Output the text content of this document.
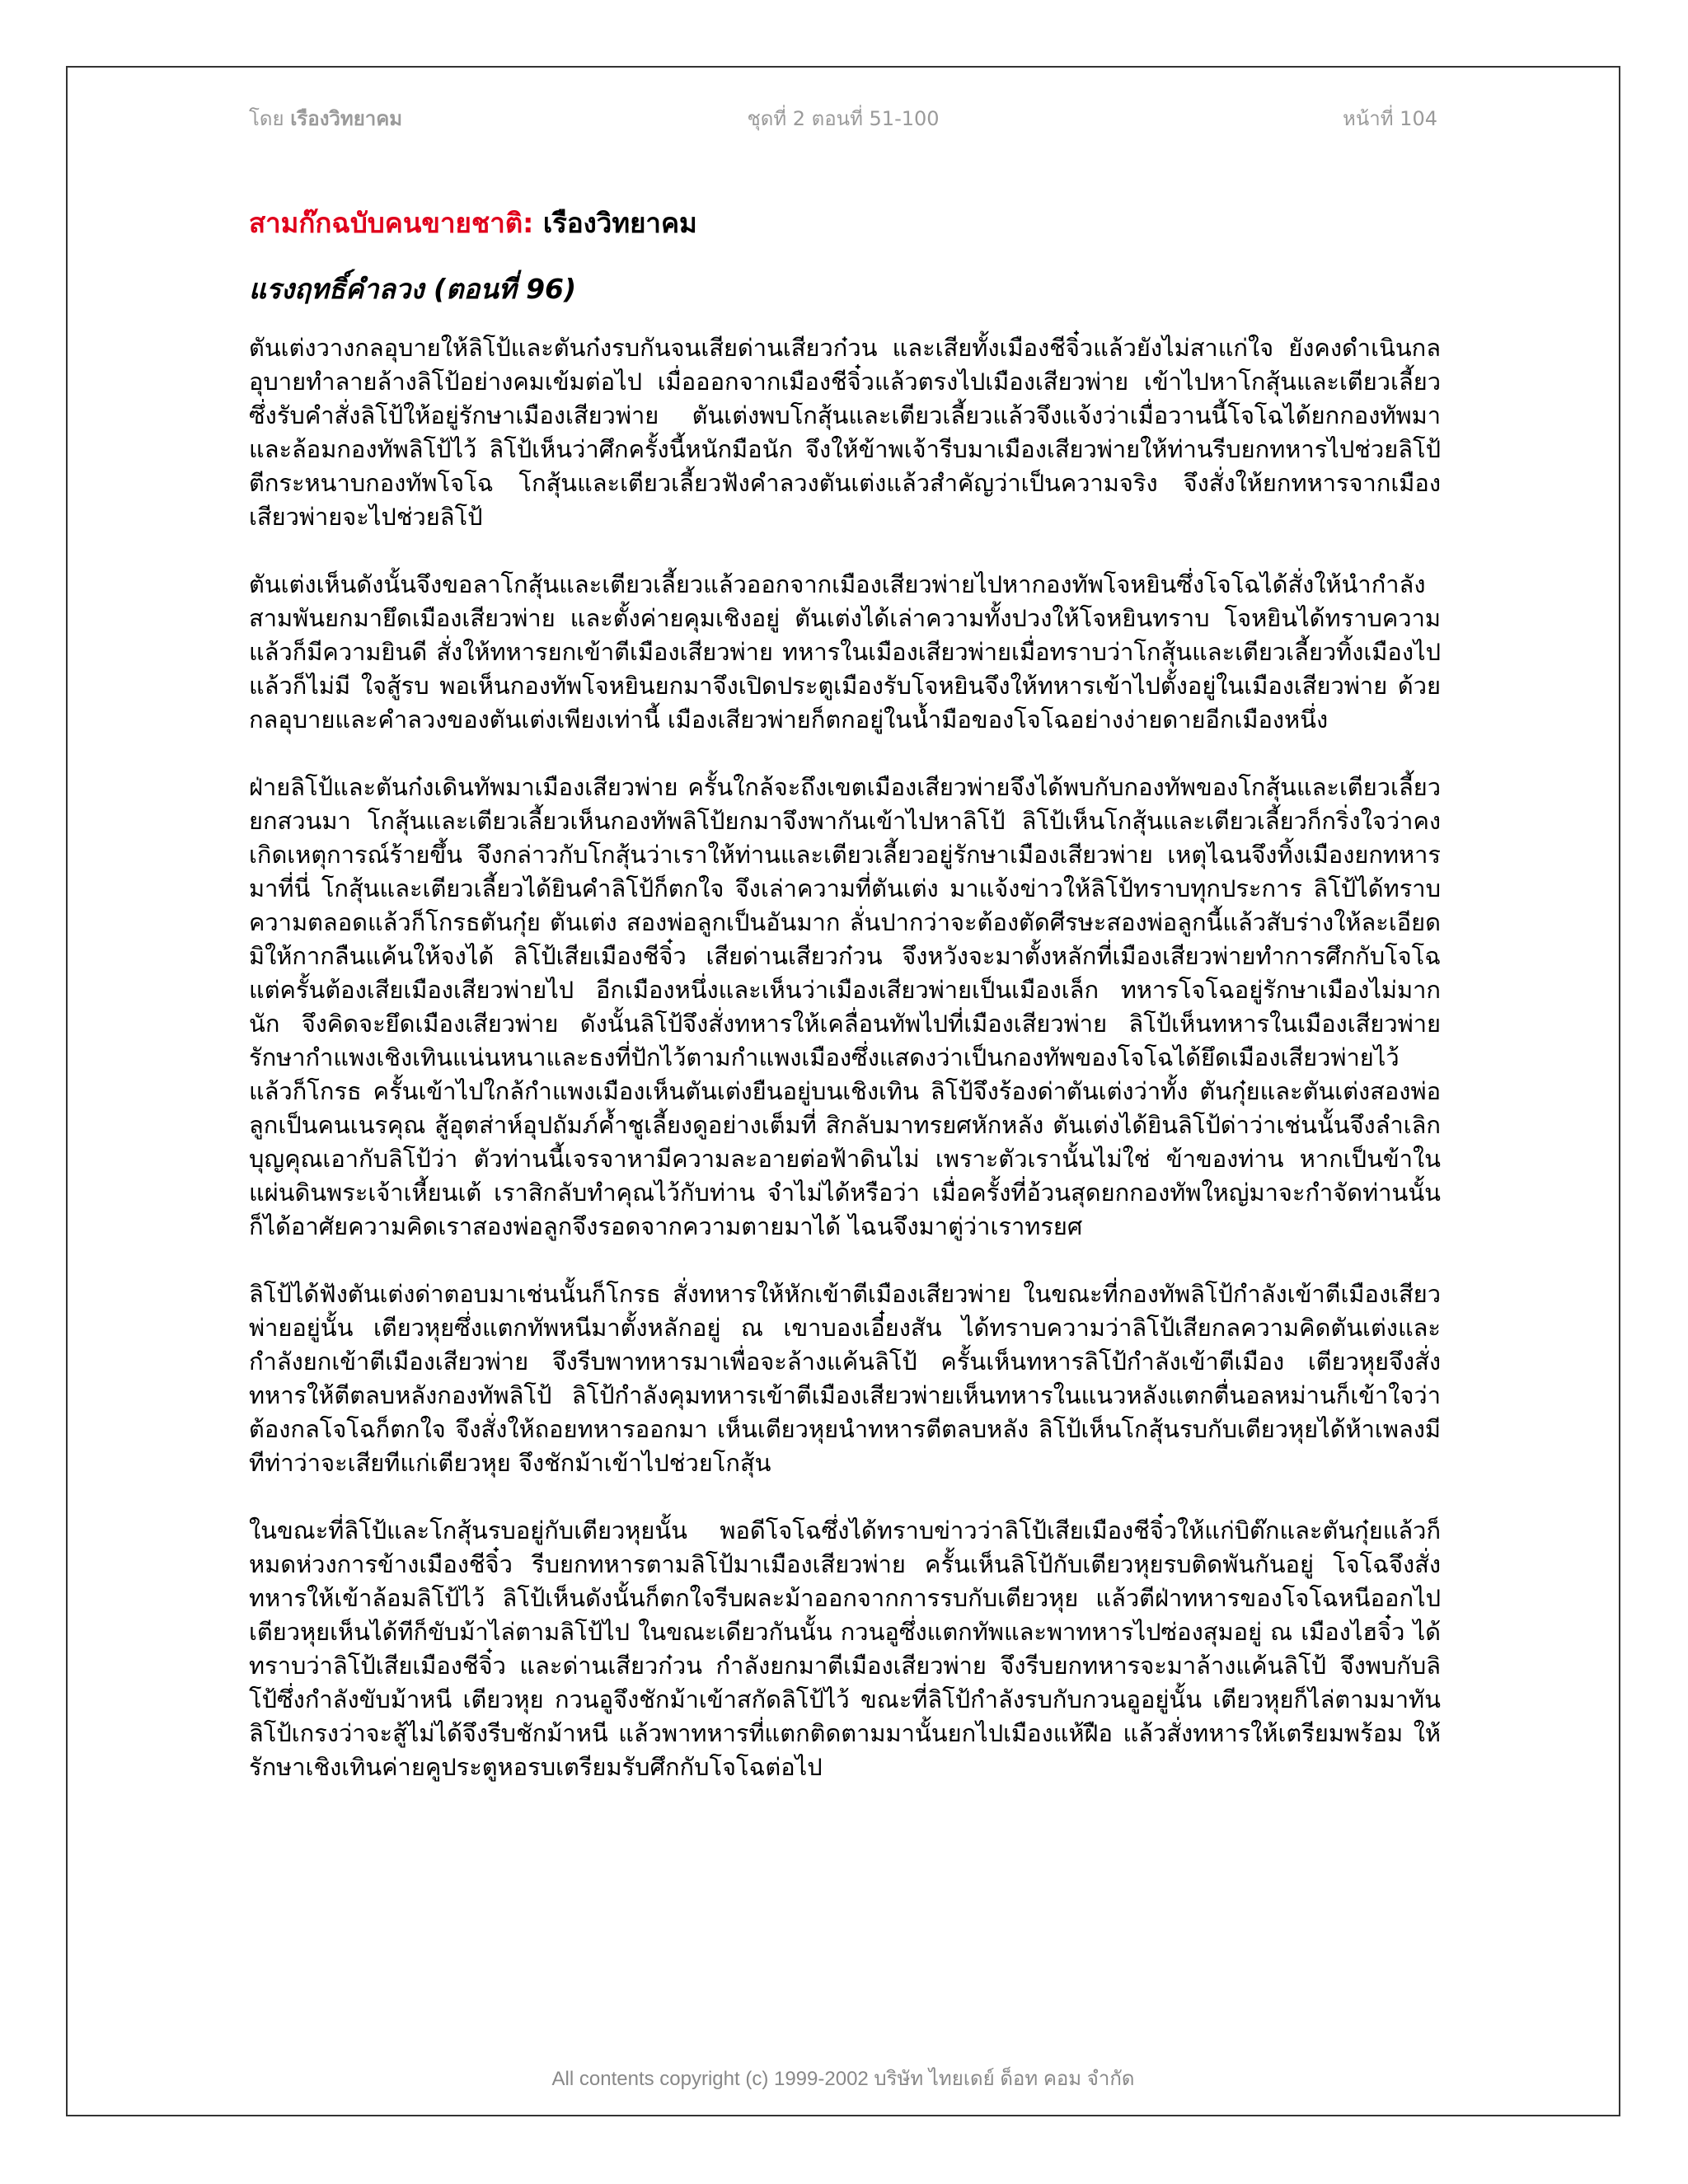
โดย เรืองวิทยาคม	ชุดที่ 2 ตอนที่ 51-100	หน้าที่ 104
สามก๊กฉบับคนขายชาติ: เรืองวิทยาคม
แรงฤทธิ์คำลวง (ตอนที่ 96)

ตันเต่งวางกลอุบายให้ลิโป้และตันก๋งรบกันจนเสียด่านเสียวก๋วน และเสียทั้งเมืองชีจิ๋วแล้วยังไม่สาแก่ใจ ยังคงดำเนินกลอุบายทำลายล้างลิโป้อย่างคมเข้มต่อไป เมื่อออกจากเมืองชีจิ๋วแล้วตรงไปเมืองเสียวพ่าย เข้าไปหาโกสุ้นและเตียวเลี้ยวซึ่งรับคำสั่งลิโป้ให้อยู่รักษาเมืองเสียวพ่าย ตันเต่งพบโกสุ้นและเตียวเลี้ยวแล้วจึงแจ้งว่าเมื่อวานนี้โจโฉได้ยกกองทัพมาและล้อมกองทัพลิโป้ไว้ ลิโป้เห็นว่าศึกครั้งนี้หนักมือนัก จึงให้ข้าพเจ้ารีบมาเมืองเสียวพ่ายให้ท่านรีบยกทหารไปช่วยลิโป้ตีกระหนาบกองทัพโจโฉ โกสุ้นและเตียวเลี้ยวฟังคำลวงตันเต่งแล้วสำคัญว่าเป็นความจริง จึงสั่งให้ยกทหารจากเมืองเสียวพ่ายจะไปช่วยลิโป้

ตันเต่งเห็นดังนั้นจึงขอลาโกสุ้นและเตียวเลี้ยวแล้วออกจากเมืองเสียวพ่ายไปหากองทัพโจหยินซึ่งโจโฉได้สั่งให้นำกำลังสามพันยกมายึดเมืองเสียวพ่าย และตั้งค่ายคุมเชิงอยู่ ตันเต่งได้เล่าความทั้งปวงให้โจหยินทราบ โจหยินได้ทราบความ แล้วก็มีความยินดี สั่งให้ทหารยกเข้าตีเมืองเสียวพ่าย ทหารในเมืองเสียวพ่ายเมื่อทราบว่าโกสุ้นและเตียวเลี้ยวทิ้งเมืองไปแล้วก็ไม่มี ใจสู้รบ พอเห็นกองทัพโจหยินยกมาจึงเปิดประตูเมืองรับโจหยินจึงให้ทหารเข้าไปตั้งอยู่ในเมืองเสียวพ่าย ด้วยกลอุบายและคำลวงของตันเต่งเพียงเท่านี้ เมืองเสียวพ่ายก็ตกอยู่ในน้ำมือของโจโฉอย่างง่ายดายอีกเมืองหนึ่ง

ฝ่ายลิโป้และตันก๋งเดินทัพมาเมืองเสียวพ่าย ครั้นใกล้จะถึงเขตเมืองเสียวพ่ายจึงได้พบกับกองทัพของโกสุ้นและเตียวเลี้ยวยกสวนมา โกสุ้นและเตียวเลี้ยวเห็นกองทัพลิโป้ยกมาจึงพากันเข้าไปหาลิโป้ ลิโป้เห็นโกสุ้นและเตียวเลี้ยวก็กริ่งใจว่าคงเกิดเหตุการณ์ร้ายขึ้น จึงกล่าวกับโกสุ้นว่าเราให้ท่านและเตียวเลี้ยวอยู่รักษาเมืองเสียวพ่าย เหตุไฉนจึงทิ้งเมืองยกทหารมาที่นี่ โกสุ้นและเตียวเลี้ยวได้ยินคำลิโป้ก็ตกใจ จึงเล่าความที่ตันเต่ง มาแจ้งข่าวให้ลิโป้ทราบทุกประการ ลิโป้ได้ทราบความตลอดแล้วก็โกรธตันกุ๋ย ตันเต่ง สองพ่อลูกเป็นอันมาก ลั่นปากว่าจะต้องตัดศีรษะสองพ่อลูกนี้แล้วสับร่างให้ละเอียดมิให้กากลืนแค้นให้จงได้ ลิโป้เสียเมืองชีจิ๋ว เสียด่านเสียวก๋วน จึงหวังจะมาตั้งหลักที่เมืองเสียวพ่ายทำการศึกกับโจโฉ แต่ครั้นต้องเสียเมืองเสียวพ่ายไป อีกเมืองหนึ่งและเห็นว่าเมืองเสียวพ่ายเป็นเมืองเล็ก ทหารโจโฉอยู่รักษาเมืองไม่มากนัก จึงคิดจะยึดเมืองเสียวพ่าย ดังนั้นลิโป้จึงสั่งทหารให้เคลื่อนทัพไปที่เมืองเสียวพ่าย ลิโป้เห็นทหารในเมืองเสียวพ่ายรักษากำแพงเชิงเทินแน่นหนาและธงที่ปักไว้ตามกำแพงเมืองซึ่งแสดงว่าเป็นกองทัพของโจโฉได้ยึดเมืองเสียวพ่ายไว้แล้วก็โกรธ ครั้นเข้าไปใกล้กำแพงเมืองเห็นตันเต่งยืนอยู่บนเชิงเทิน ลิโป้จึงร้องด่าตันเต่งว่าทั้ง ตันกุ๋ยและตันเต่งสองพ่อลูกเป็นคนเนรคุณ สู้อุตส่าห์อุปถัมภ์ค้ำชูเลี้ยงดูอย่างเต็มที่ สิกลับมาทรยศหักหลัง ตันเต่งได้ยินลิโป้ด่าว่าเช่นนั้นจึงลำเลิกบุญคุณเอากับลิโป้ว่า ตัวท่านนี้เจรจาหามีความละอายต่อฟ้าดินไม่ เพราะตัวเรานั้นไม่ใช่ ข้าของท่าน หากเป็นข้าในแผ่นดินพระเจ้าเหี้ยนเต้ เราสิกลับทำคุณไว้กับท่าน จำไม่ได้หรือว่า เมื่อครั้งที่อ้วนสุดยกกองทัพใหญ่มาจะกำจัดท่านนั้น ก็ได้อาศัยความคิดเราสองพ่อลูกจึงรอดจากความตายมาได้ ไฉนจึงมาตู่ว่าเราทรยศ

ลิโป้ได้ฟังตันเต่งด่าตอบมาเช่นนั้นก็โกรธ สั่งทหารให้หักเข้าตีเมืองเสียวพ่าย ในขณะที่กองทัพลิโป้กำลังเข้าตีเมืองเสียวพ่ายอยู่นั้น เตียวหุยซึ่งแตกทัพหนีมาตั้งหลักอยู่ ณ เขาบองเอี๋ยงสัน ได้ทราบความว่าลิโป้เสียกลความคิดตันเต่งและกำลังยกเข้าตีเมืองเสียวพ่าย จึงรีบพาทหารมาเพื่อจะล้างแค้นลิโป้ ครั้นเห็นทหารลิโป้กำลังเข้าตีเมือง เตียวหุยจึงสั่งทหารให้ตีตลบหลังกองทัพลิโป้ ลิโป้กำลังคุมทหารเข้าตีเมืองเสียวพ่ายเห็นทหารในแนวหลังแตกตื่นอลหม่านก็เข้าใจว่าต้องกลโจโฉก็ตกใจ จึงสั่งให้ถอยทหารออกมา เห็นเตียวหุยนำทหารตีตลบหลัง ลิโป้เห็นโกสุ้นรบกับเตียวหุยได้ห้าเพลงมีทีท่าว่าจะเสียทีแก่เตียวหุย จึงชักม้าเข้าไปช่วยโกสุ้น

ในขณะที่ลิโป้และโกสุ้นรบอยู่กับเตียวหุยนั้น พอดีโจโฉซึ่งได้ทราบข่าวว่าลิโป้เสียเมืองชีจิ๋วให้แก่บิต๊กและตันกุ๋ยแล้วก็หมดห่วงการข้างเมืองชีจิ๋ว รีบยกทหารตามลิโป้มาเมืองเสียวพ่าย ครั้นเห็นลิโป้กับเตียวหุยรบติดพันกันอยู่ โจโฉจึงสั่งทหารให้เข้าล้อมลิโป้ไว้ ลิโป้เห็นดังนั้นก็ตกใจรีบผละม้าออกจากการรบกับเตียวหุย แล้วตีฝ่าทหารของโจโฉหนีออกไป เตียวหุยเห็นได้ทีก็ขับม้าไล่ตามลิโป้ไป ในขณะเดียวกันนั้น กวนอูซึ่งแตกทัพและพาทหารไปซ่องสุมอยู่ ณ เมืองไฮจิ๋ว ได้ทราบว่าลิโป้เสียเมืองชีจิ๋ว และด่านเสียวก๋วน กำลังยกมาตีเมืองเสียวพ่าย จึงรีบยกทหารจะมาล้างแค้นลิโป้ จึงพบกับลิโป้ซึ่งกำลังขับม้าหนี เตียวหุย กวนอูจึงชักม้าเข้าสกัดลิโป้ไว้ ขณะที่ลิโป้กำลังรบกับกวนอูอยู่นั้น เตียวหุยก็ไล่ตามมาทัน ลิโป้เกรงว่าจะสู้ไม่ได้จึงรีบชักม้าหนี แล้วพาทหารที่แตกติดตามมานั้นยกไปเมืองแห้ฝือ แล้วสั่งทหารให้เตรียมพร้อม ให้รักษาเชิงเทินค่ายคูประตูหอรบเตรียมรับศึกกับโจโฉต่อไป

All contents copyright (c) 1999-2002 บริษัท ไทยเดย์ ด็อท คอม จำกัด
